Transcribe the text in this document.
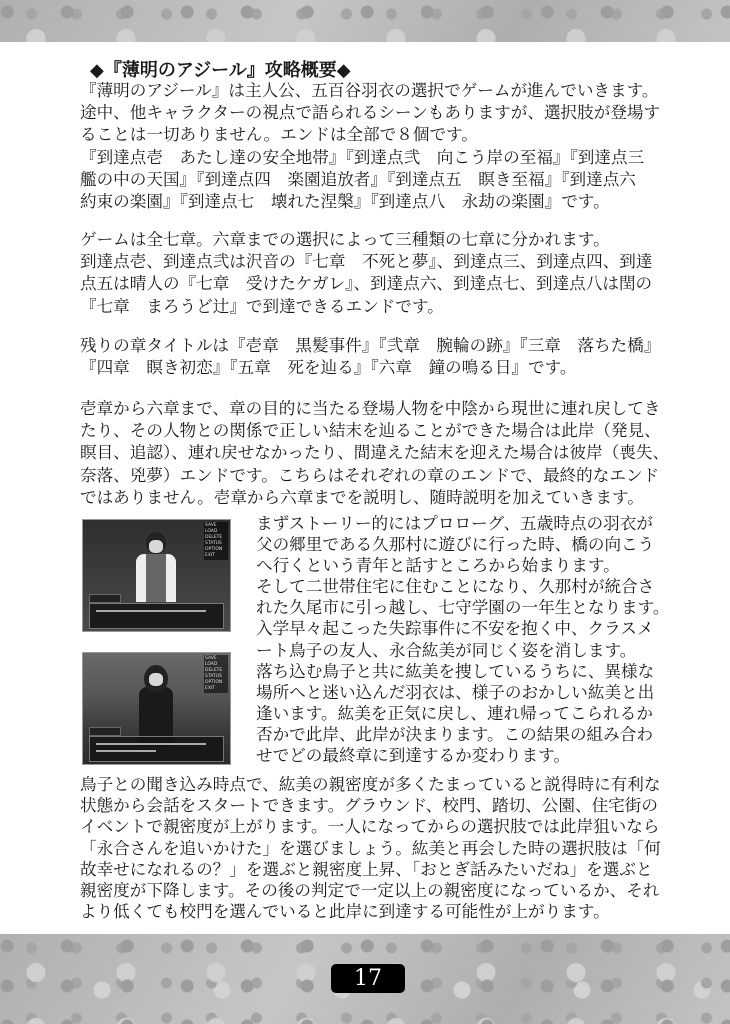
◆『薄明のアジール』攻略概要◆
『薄明のアジール』は主人公、五百谷羽衣の選択でゲームが進んでいきます。
途中、他キャラクターの視点で語られるシーンもありますが、選択肢が登場す
ることは一切ありません。エンドは全部で８個です。
『到達点壱　あたし達の安全地帯』『到達点弐　向こう岸の至福』『到達点三
艦の中の天国』『到達点四　楽園追放者』『到達点五　瞑き至福』『到達点六
約束の楽園』『到達点七　壊れた涅槃』『到達点八　永劫の楽園』です。
ゲームは全七章。六章までの選択によって三種類の七章に分かれます。
到達点壱、到達点弐は沢音の『七章　不死と夢』、到達点三、到達点四、到達
点五は晴人の『七章　受けたケガレ』、到達点六、到達点七、到達点八は閏の
『七章　まろうど辻』で到達できるエンドです。
残りの章タイトルは『壱章　黒髪事件』『弐章　腕輪の跡』『三章　落ちた橋』
『四章　瞑き初恋』『五章　死を辿る』『六章　鐘の鳴る日』です。
壱章から六章まで、章の目的に当たる登場人物を中陰から現世に連れ戻してき
たり、その人物との関係で正しい結末を辿ることができた場合は此岸（発見、
瞑目、追認）、連れ戻せなかったり、間違えた結末を迎えた場合は彼岸（喪失、
奈落、兇夢）エンドです。こちらはそれぞれの章のエンドで、最終的なエンド
ではありません。壱章から六章までを説明し、随時説明を加えていきます。
SAVE
LOAD
DELETE
STATUS
OPTION
EXIT
SAVE
LOAD
DELETE
STATUS
OPTION
EXIT
まずストーリー的にはプロローグ、五歳時点の羽衣が
父の郷里である久那村に遊びに行った時、橋の向こう
へ行くという青年と話すところから始まります。
そして二世帯住宅に住むことになり、久那村が統合さ
れた久尾市に引っ越し、七守学園の一年生となります。
入学早々起こった失踪事件に不安を抱く中、クラスメ
ート鳥子の友人、永合紘美が同じく姿を消します。
落ち込む鳥子と共に紘美を捜しているうちに、異様な
場所へと迷い込んだ羽衣は、様子のおかしい紘美と出
逢います。紘美を正気に戻し、連れ帰ってこられるか
否かで此岸、此岸が決まります。この結果の組み合わ
せでどの最終章に到達するか変わります。
鳥子との聞き込み時点で、紘美の親密度が多くたまっていると説得時に有利な
状態から会話をスタートできます。グラウンド、校門、踏切、公園、住宅街の
イベントで親密度が上がります。一人になってからの選択肢では此岸狙いなら
「永合さんを追いかけた」を選びましょう。紘美と再会した時の選択肢は「何
故幸せになれるの？」を選ぶと親密度上昇、「おとぎ話みたいだね」を選ぶと
親密度が下降します。その後の判定で一定以上の親密度になっているか、それ
より低くても校門を選んでいると此岸に到達する可能性が上がります。
17
